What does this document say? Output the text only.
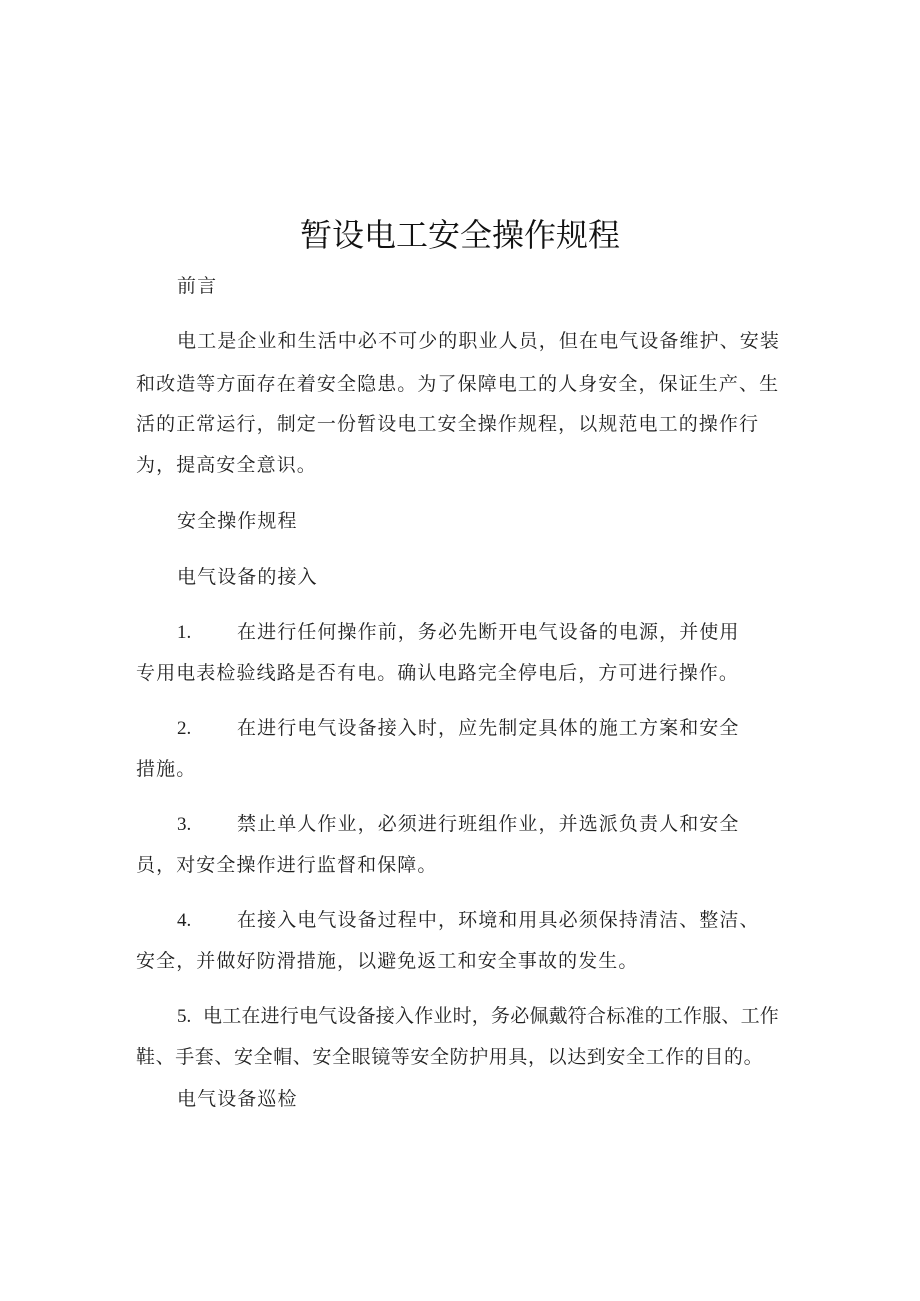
暂设电工安全操作规程
前言
电工是企业和生活中必不可少的职业人员，但在电气设备维护、安装
和改造等方面存在着安全隐患。为了保障电工的人身安全，保证生产、生
活的正常运行，制定一份暂设电工安全操作规程，以规范电工的操作行
为，提高安全意识。
安全操作规程
电气设备的接入
1. 在进行任何操作前，务必先断开电气设备的电源，并使用
专用电表检验线路是否有电。确认电路完全停电后，方可进行操作。
2. 在进行电气设备接入时，应先制定具体的施工方案和安全
措施。
3. 禁止单人作业，必须进行班组作业，并选派负责人和安全
员，对安全操作进行监督和保障。
4. 在接入电气设备过程中，环境和用具必须保持清洁、整洁、
安全，并做好防滑措施，以避免返工和安全事故的发生。
5. 电工在进行电气设备接入作业时，务必佩戴符合标准的工作服、工作
鞋、手套、安全帽、安全眼镜等安全防护用具，以达到安全工作的目的。
电气设备巡检
